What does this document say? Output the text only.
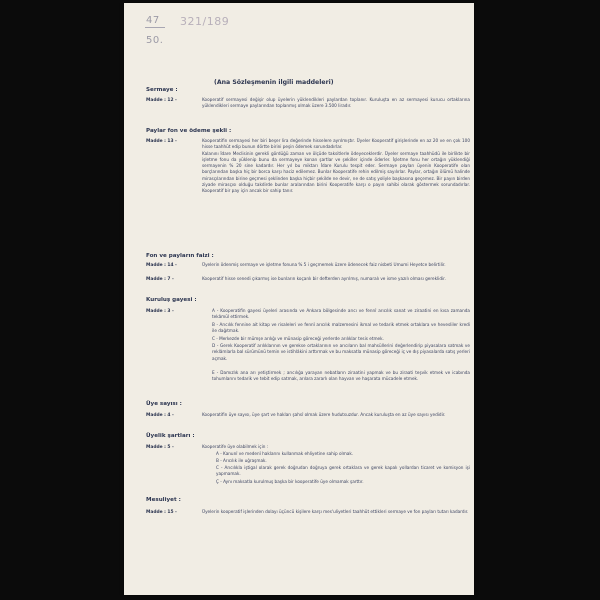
47
50.
321/189
(Ana Sözleşmenin ilgili maddeleri)
Sermaye :
Madde : 12 -	Kooperatif sermayesi değişir olup üyelerin yüklendikleri paylardan toplanır. Kuruluşta en az sermayesi kurucu ortaklarına yüklendikleri sermaye paylarından toplanmış olmak üzere 3.500 liradır.
Paylar fon ve ödeme şekli :
Madde : 13 -	Kooperatifin sermayesi her biri beşer lira değerinde hisselere ayrılmıştır. Üyeler Kooperatif girişlerinde en az 20 ve en çok 100 hisse taahhüt edip bunun dörtte birini peşin ödemek sorundadırlar.
Kalanını İdare Meclisinin gerekli gördüğü zaman ve ölçüde taksitlerle ödeyeceklerdir. Üyeler sermaye taahhüdü ile birlikte bir işletme fonu da yüklenip bunu da sermayeye konan şartlar ve şekiller içinde öderler. İşletme fonu her ortağın yüklendiği sermayenin % 20 sine kadardır. Her yıl bu miktarı İdare Kurulu tespit eder. Sermaye payları üyenin Kooperatife olan borçlarından başka hiç bir borca karşı haciz edilemez. Bunlar Kooperatife rehin edilmiş sayılırlar. Paylar, ortağın ölümü halinde mirasçılarından birine geçmesi şeklinden başka hiçbir şekilde ne devir, ne de satış yoliyle başkasına geçemez. Bir payın birden ziyade mirasçısı olduğu takdirde bunlar aralarından birini Kooperatife karşı o payın sahibi olarak göstermek sorundadırlar. Kooperatif bir pay için ancak bir sahip tanır.
Fon ve payların faizi :
Madde : 14 -	Üyelerin ödenmiş sermaye ve işletme fonuna % 5 i geçmemek üzere ödenecek faiz nisbeti Umumi Heyetce belirtilir.
Madde : 7 -	Kooperatif hisse senedi çıkarmış ise bunların koçanlı bir defterden ayrılmış, numaralı ve isme yazılı olması gereklidir.
Kuruluş gayesi :
Madde : 3 -	A - Kooperatifin gayesi üyeleri arasında ve Ankara bölgesinde arıcı ve fennî arıcılık sanat ve ziraatini en kısa zamanda tekâmül ettirmek.
B - Arıcılık fennine ait kitap ve risaleleri ve fennî arıcılık malzemesini ikmal ve tedarik etmek ortaklara ve hevesliler kredi ile dağıtmak.
C - Merkezde bir mümşe arılığı ve münasip göreceği yerlerde arılıklar tesis etmek.
D - Gerek Kooperatif arılıklarının ve gerekse ortaklarının ve arıcıların bal mahsüllerini değerlendirip piyasalara satmak ve reklâmlarla bal sürümünü temin ve istihlâkini arttırmak ve bu maksatla münasip göreceği iç ve dış piyasalarda satış yerleri açmak.
E - Damızlık ana arı yetiştirmek ; arıcılığa yarayan nebatların ziraatini yapmak ve bu ziraati teşvik etmek ve icabında tohumlarını tedarik ve tebit edip satmak, arılara zararlı olan hayvan ve haşarata mücadele etmek.
Üye sayısı :
Madde : 4 -	Kooperatifin üye sayısı, üye şart ve hakları şahsî olmak üzere hudutsuzdur. Ancak kuruluşta en az üye sayısı yedidir.
Üyelik şartları :
Madde : 5 -	Kooperatife üye olabilmek için :
A - Kanunî ve medenî haklarını kullanmak ehliyetine sahip olmak.
B - Arıcılık ile uğraşmak.
C - Arıcılıkla iştigal olarak gerek doğrudan doğruya gerek ortaklara ve gerek kapalı yollardan ticaret ve komisyon işi yapmamak.
Ç - Aynı maksatla kurulmuş başka bir kooperatife üye olmamak şarttır.
Mesuliyet :
Madde : 15 -	Üyelerin kooperatif işlerinden dolayı üçüncü kişilere karşı mes'uliyetleri taahhüt ettikleri sermaye ve fon payları tutarı kadardır.
